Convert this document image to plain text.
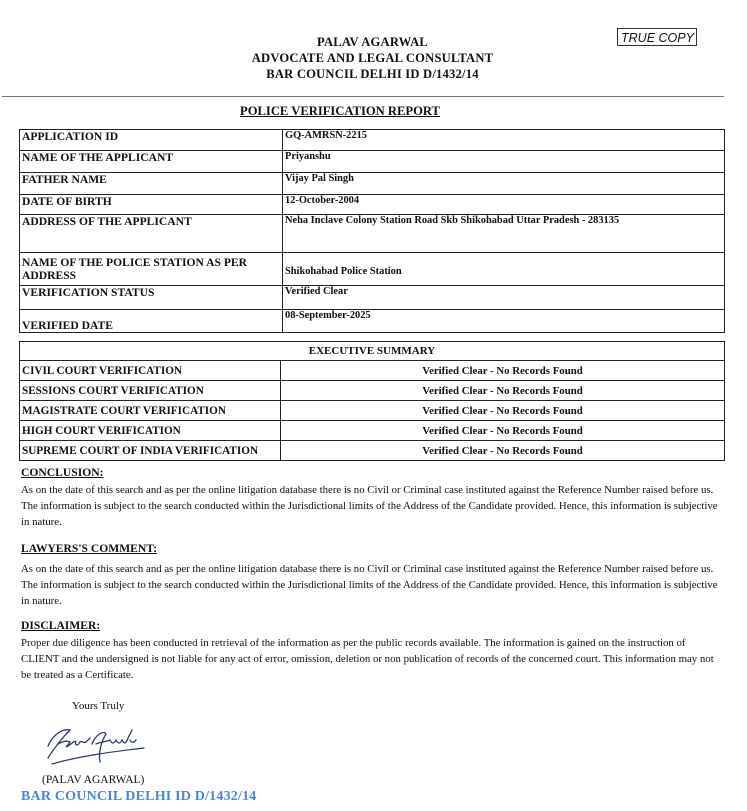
PALAV AGARWAL
ADVOCATE AND LEGAL CONSULTANT
BAR COUNCIL DELHI ID D/1432/14
TRUE COPY
POLICE VERIFICATION REPORT
APPLICATION ID	GQ-AMRSN-2215
NAME OF THE APPLICANT	Priyanshu
FATHER NAME	Vijay Pal Singh
DATE OF BIRTH	12-October-2004
ADDRESS OF THE APPLICANT	Neha Inclave Colony Station Road Skb Shikohabad Uttar Pradesh - 283135
NAME OF THE POLICE STATION AS PER ADDRESS	Shikohabad Police Station
VERIFICATION STATUS	Verified Clear
VERIFIED DATE	08-September-2025
EXECUTIVE SUMMARY	
CIVIL COURT VERIFICATION	Verified Clear - No Records Found
SESSIONS COURT VERIFICATION	Verified Clear - No Records Found
MAGISTRATE COURT VERIFICATION	Verified Clear - No Records Found
HIGH COURT VERIFICATION	Verified Clear - No Records Found
SUPREME COURT OF INDIA VERIFICATION	Verified Clear - No Records Found
CONCLUSION:
As on the date of this search and as per the online litigation database there is no Civil or Criminal case instituted against the Reference Number raised before us. The information is subject to the search conducted within the Jurisdictional limits of the Address of the Candidate provided. Hence, this information is subjective in nature.
LAWYERS'S COMMENT:
As on the date of this search and as per the online litigation database there is no Civil or Criminal case instituted against the Reference Number raised before us. The information is subject to the search conducted within the Jurisdictional limits of the Address of the Candidate provided. Hence, this information is subjective in nature.
DISCLAIMER:
Proper due diligence has been conducted in retrieval of the information as per the public records available. The information is gained on the instruction of CLIENT and the undersigned is not liable for any act of error, omission, deletion or non publication of records of the concerned court. This information may not be treated as a Certificate.
Yours Truly
(PALAV AGARWAL)
BAR COUNCIL DELHI ID D/1432/14
